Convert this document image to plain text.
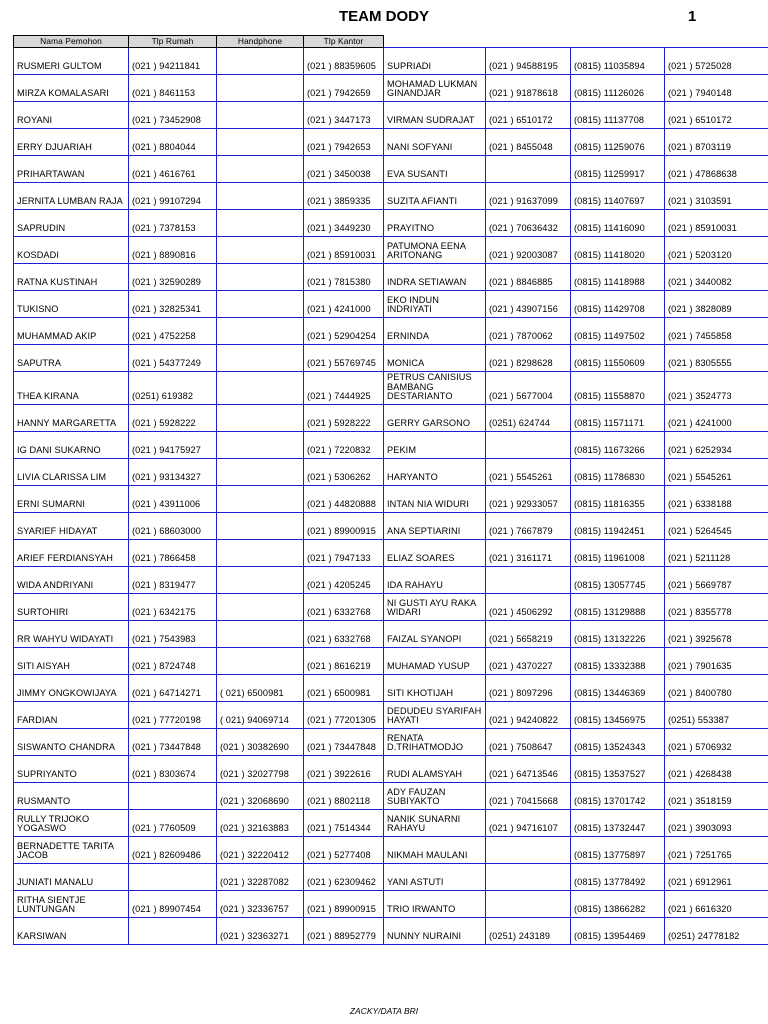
TEAM DODY	1
Nama Pemohon	Tlp Rumah	Handphone	Tlp Kantor				
RUSMERI GULTOM	(021 ) 94211841		(021 ) 88359605	SUPRIADI	(021 ) 94588195	(0815) 11035894	(021 ) 5725028
MIRZA KOMALASARI	(021 ) 8461153		(021 ) 7942659	MOHAMAD LUKMAN GINANDJAR	(021 ) 91878618	(0815) 11126026	(021 ) 7940148
ROYANI	(021 ) 73452908		(021 ) 3447173	VIRMAN SUDRAJAT	(021 ) 6510172	(0815) 11137708	(021 ) 6510172
ERRY DJUARIAH	(021 ) 8804044		(021 ) 7942653	NANI SOFYANI	(021 ) 8455048	(0815) 11259076	(021 ) 8703119
PRIHARTAWAN	(021 ) 4616761		(021 ) 3450038	EVA SUSANTI		(0815) 11259917	(021 ) 47868638
JERNITA LUMBAN RAJA	(021 ) 99107294		(021 ) 3859335	SUZITA AFIANTI	(021 ) 91637099	(0815) 11407697	(021 ) 3103591
SAPRUDIN	(021 ) 7378153		(021 ) 3449230	PRAYITNO	(021 ) 70636432	(0815) 11416090	(021 ) 85910031
KOSDADI	(021 ) 8890816		(021 ) 85910031	PATUMONA EENA ARITONANG	(021 ) 92003087	(0815) 11418020	(021 ) 5203120
RATNA KUSTINAH	(021 ) 32590289		(021 ) 7815380	INDRA SETIAWAN	(021 ) 8846885	(0815) 11418988	(021 ) 3440082
TUKISNO	(021 ) 32825341		(021 ) 4241000	EKO INDUN INDRIYATI	(021 ) 43907156	(0815) 11429708	(021 ) 3828089
MUHAMMAD AKIP	(021 ) 4752258		(021 ) 52904254	ERNINDA	(021 ) 7870062	(0815) 11497502	(021 ) 7455858
SAPUTRA	(021 ) 54377249		(021 ) 55769745	MONICA	(021 ) 8298628	(0815) 11550609	(021 ) 8305555
THEA KIRANA	(0251) 619382		(021 ) 7444925	PETRUS CANISIUS BAMBANG DESTARIANTO	(021 ) 5677004	(0815) 11558870	(021 ) 3524773
HANNY MARGARETTA	(021 ) 5928222		(021 ) 5928222	GERRY GARSONO	(0251) 624744	(0815) 11571171	(021 ) 4241000
IG DANI SUKARNO	(021 ) 94175927		(021 ) 7220832	PEKIM		(0815) 11673266	(021 ) 6252934
LIVIA CLARISSA LIM	(021 ) 93134327		(021 ) 5306262	HARYANTO	(021 ) 5545261	(0815) 11786830	(021 ) 5545261
ERNI SUMARNI	(021 ) 43911006		(021 ) 44820888	INTAN NIA WIDURI	(021 ) 92933057	(0815) 11816355	(021 ) 6338188
SYARIEF HIDAYAT	(021 ) 68603000		(021 ) 89900915	ANA SEPTIARINI	(021 ) 7667879	(0815) 11942451	(021 ) 5264545
ARIEF FERDIANSYAH	(021 ) 7866458		(021 ) 7947133	ELIAZ SOARES	(021 ) 3161171	(0815) 11961008	(021 ) 5211128
WIDA ANDRIYANI	(021 ) 8319477		(021 ) 4205245	IDA RAHAYU		(0815) 13057745	(021 ) 5669787
SURTOHIRI	(021 ) 6342175		(021 ) 6332768	NI GUSTI AYU RAKA WIDARI	(021 ) 4506292	(0815) 13129888	(021 ) 8355778
RR WAHYU WIDAYATI	(021 ) 7543983		(021 ) 6332768	FAIZAL SYANOPI	(021 ) 5658219	(0815) 13132226	(021 ) 3925678
SITI AISYAH	(021 ) 8724748		(021 ) 8616219	MUHAMAD YUSUP	(021 ) 4370227	(0815) 13332388	(021 ) 7901635
JIMMY ONGKOWIJAYA	(021 ) 64714271	( 021) 6500981	(021 ) 6500981	SITI KHOTIJAH	(021 ) 8097296	(0815) 13446369	(021 ) 8400780
FARDIAN	(021 ) 77720198	( 021) 94069714	(021 ) 77201305	DEDUDEU SYARIFAH HAYATI	(021 ) 94240822	(0815) 13456975	(0251) 553387
SISWANTO CHANDRA	(021 ) 73447848	(021 ) 30382690	(021 ) 73447848	RENATA D.TRIHATMODJO	(021 ) 7508647	(0815) 13524343	(021 ) 5706932
SUPRIYANTO	(021 ) 8303674	(021 ) 32027798	(021 ) 3922616	RUDI ALAMSYAH	(021 ) 64713546	(0815) 13537527	(021 ) 4268438
RUSMANTO		(021 ) 32068690	(021 ) 8802118	ADY FAUZAN SUBIYAKTO	(021 ) 70415668	(0815) 13701742	(021 ) 3518159
RULLY TRIJOKO YOGASWO	(021 ) 7760509	(021 ) 32163883	(021 ) 7514344	NANIK SUNARNI RAHAYU	(021 ) 94716107	(0815) 13732447	(021 ) 3903093
BERNADETTE TARITA JACOB	(021 ) 82609486	(021 ) 32220412	(021 ) 5277408	NIKMAH MAULANI		(0815) 13775897	(021 ) 7251765
JUNIATI MANALU		(021 ) 32287082	(021 ) 62309462	YANI ASTUTI		(0815) 13778492	(021 ) 6912961
RITHA SIENTJE LUNTUNGAN	(021 ) 89907454	(021 ) 32336757	(021 ) 89900915	TRIO IRWANTO		(0815) 13866282	(021 ) 6616320
KARSIWAN		(021 ) 32363271	(021 ) 88952779	NUNNY NURAINI	(0251) 243189	(0815) 13954469	(0251) 24778182
ZACKY/DATA BRI
